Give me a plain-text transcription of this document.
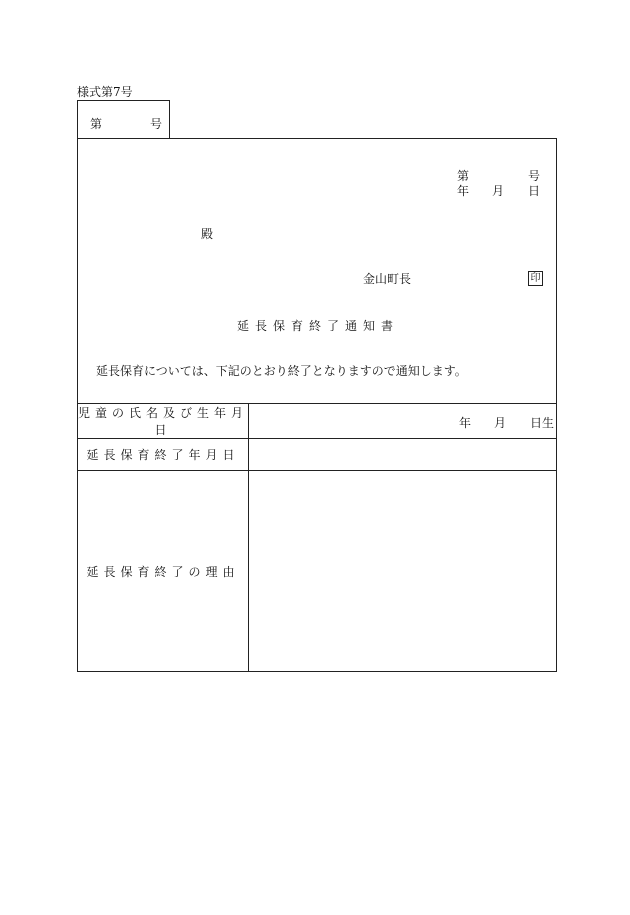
様式第7号
第	号
第	号
年 月 日
殿
金山町長	印
延長保育終了通知書
延長保育については、下記のとおり終了となりますので通知します。
児童の氏名及び生年月日	年 月 日生

延長保育終了年月日	
延長保育終了の理由	
